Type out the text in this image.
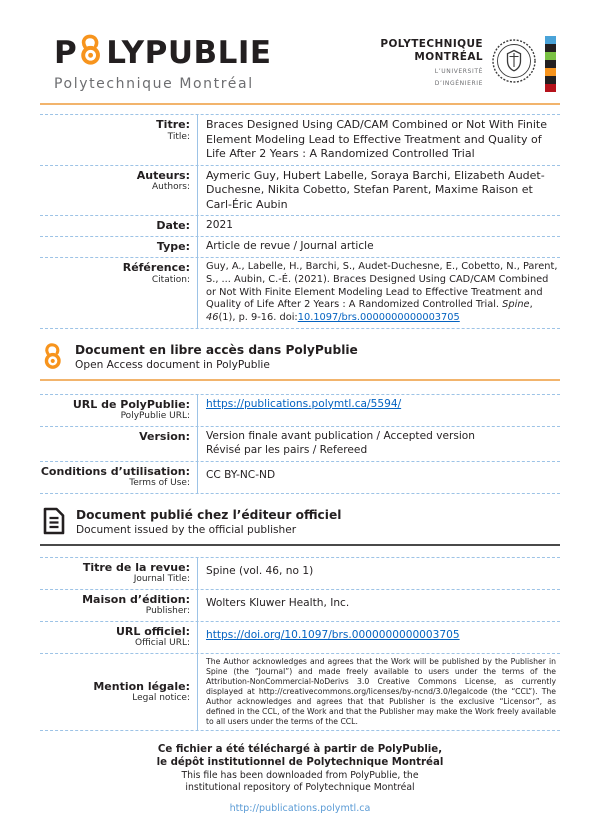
P LYPUBLIE
Polytechnique Montréal
POLYTECHNIQUE
MONTRÉAL
L’UNIVERSITÉ
D’INGÉNIERIE
Titre:
Title:
Braces Designed Using CAD/CAM Combined or Not With Finite Element Modeling Lead to Effective Treatment and Quality of Life After 2 Years : A Randomized Controlled Trial
Auteurs:
Authors:
Aymeric Guy, Hubert Labelle, Soraya Barchi, Elizabeth Audet-Duchesne, Nikita Cobetto, Stefan Parent, Maxime Raison et Carl-Éric Aubin
Date:	2021
Type:	Article de revue / Journal article
Référence:
Citation:
Guy, A., Labelle, H., Barchi, S., Audet-Duchesne, E., Cobetto, N., Parent, S., ... Aubin, C.-É. (2021). Braces Designed Using CAD/CAM Combined or Not With Finite Element Modeling Lead to Effective Treatment and Quality of Life After 2 Years : A Randomized Controlled Trial. Spine, 46(1), p. 9-16. doi:10.1097/brs.0000000000003705
Document en libre accès dans PolyPublie
Open Access document in PolyPublie
URL de PolyPublie:
PolyPublie URL:
https://publications.polymtl.ca/5594/
Version: Version finale avant publication / Accepted version
Révisé par les pairs / Refereed
Conditions d’utilisation:
Terms of Use:
CC BY-NC-ND
Document publié chez l’éditeur officiel
Document issued by the official publisher
Titre de la revue:
Journal Title:
Spine (vol. 46, no 1)
Maison d’édition:
Publisher:
Wolters Kluwer Health, Inc.
URL officiel:
Official URL:
https://doi.org/10.1097/brs.0000000000003705
Mention légale:
Legal notice:
The Author acknowledges and agrees that the Work will be published by the Publisher in Spine (the “Journal”) and made freely available to users under the terms of the Attribution-NonCommercial-NoDerivs 3.0 Creative Commons License, as currently displayed at http://creativecommons.org/licenses/by-ncnd/3.0/legalcode (the “CCL”). The Author acknowledges and agrees that that Publisher is the exclusive “Licensor”, as defined in the CCL, of the Work and that the Publisher may make the Work freely available to all users under the terms of the CCL.
Ce fichier a été téléchargé à partir de PolyPublie,
le dépôt institutionnel de Polytechnique Montréal
This file has been downloaded from PolyPublie, the
institutional repository of Polytechnique Montréal
http://publications.polymtl.ca
